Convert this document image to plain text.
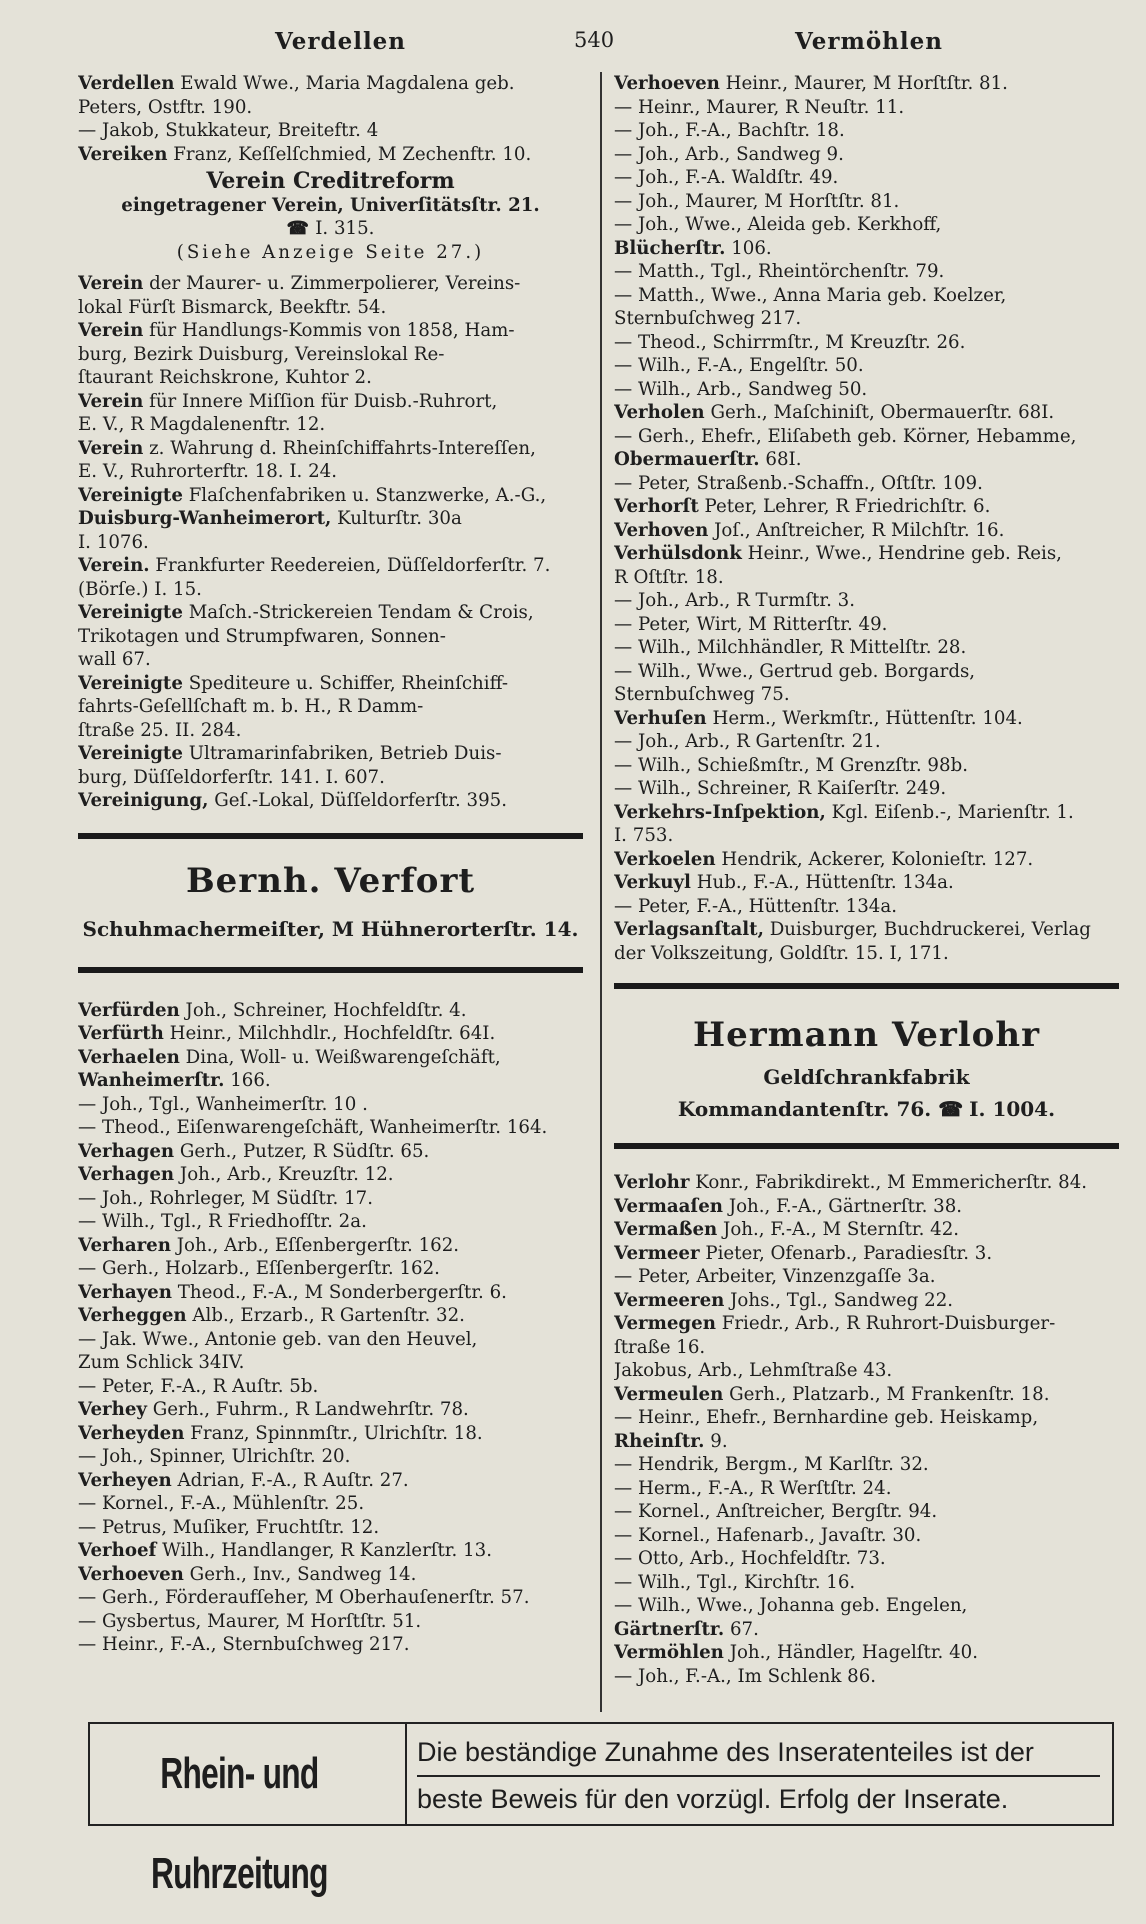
Verdellen	540	Vermöhlen
Verdellen Ewald Wwe., Maria Magdalena geb.
Peters, Ostftr. 190.
— Jakob, Stukkateur, Breiteftr. 4
Vereiken Franz, Keſſelſchmied, M Zechenftr. 10.
Verein Creditreform
eingetragener Verein, Univerſitätsſtr. 21.
☎ I. 315.
(Siehe Anzeige Seite 27.)
Verein der Maurer- u. Zimmerpolierer, Vereins-
lokal Fürſt Bismarck, Beekftr. 54.
Verein für Handlungs-Kommis von 1858, Ham-
burg, Bezirk Duisburg, Vereinslokal Re-
ſtaurant Reichskrone, Kuhtor 2.
Verein für Innere Miſſion für Duisb.-Ruhrort,
E. V., R Magdalenenftr. 12.
Verein z. Wahrung d. Rheinſchiffahrts-Intereſſen,
E. V., Ruhrorterftr. 18. I. 24.
Vereinigte Flaſchenfabriken u. Stanzwerke, A.-G.,
Duisburg-Wanheimerort, Kulturſtr. 30a
I. 1076.
Verein. Frankfurter Reedereien, Düſſeldorferſtr. 7.
(Börſe.) I. 15.
Vereinigte Maſch.-Strickereien Tendam & Crois,
Trikotagen und Strumpfwaren, Sonnen-
wall 67.
Vereinigte Spediteure u. Schiffer, Rheinſchiff-
fahrts-Geſellſchaft m. b. H., R Damm-
ſtraße 25. II. 284.
Vereinigte Ultramarinfabriken, Betrieb Duis-
burg, Düſſeldorferſtr. 141. I. 607.
Vereinigung, Geſ.-Lokal, Düſſeldorferſtr. 395.
Bernh. Verfort
Schuhmachermeiſter, M Hühnerorterſtr. 14.
Verfürden Joh., Schreiner, Hochfeldſtr. 4.
Verfürth Heinr., Milchhdlr., Hochfeldſtr. 64I.
Verhaelen Dina, Woll- u. Weißwarengeſchäft,
Wanheimerſtr. 166.
— Joh., Tgl., Wanheimerſtr. 10 .
— Theod., Eiſenwarengeſchäft, Wanheimerſtr. 164.
Verhagen Gerh., Putzer, R Südſtr. 65.
Verhagen Joh., Arb., Kreuzſtr. 12.
— Joh., Rohrleger, M Südſtr. 17.
— Wilh., Tgl., R Friedhofſtr. 2a.
Verharen Joh., Arb., Eſſenbergerſtr. 162.
— Gerh., Holzarb., Eſſenbergerſtr. 162.
Verhayen Theod., F.-A., M Sonderbergerſtr. 6.
Verheggen Alb., Erzarb., R Gartenſtr. 32.
— Jak. Wwe., Antonie geb. van den Heuvel,
Zum Schlick 34IV.
— Peter, F.-A., R Auſtr. 5b.
Verhey Gerh., Fuhrm., R Landwehrſtr. 78.
Verheyden Franz, Spinnmſtr., Ulrichſtr. 18.
— Joh., Spinner, Ulrichſtr. 20.
Verheyen Adrian, F.-A., R Auſtr. 27.
— Kornel., F.-A., Mühlenſtr. 25.
— Petrus, Muſiker, Fruchtſtr. 12.
Verhoef Wilh., Handlanger, R Kanzlerſtr. 13.
Verhoeven Gerh., Inv., Sandweg 14.
— Gerh., Förderaufſeher, M Oberhauſenerſtr. 57.
— Gysbertus, Maurer, M Horſtſtr. 51.
— Heinr., F.-A., Sternbuſchweg 217.
Verhoeven Heinr., Maurer, M Horſtſtr. 81.
— Heinr., Maurer, R Neuſtr. 11.
— Joh., F.-A., Bachſtr. 18.
— Joh., Arb., Sandweg 9.
— Joh., F.-A. Waldſtr. 49.
— Joh., Maurer, M Horſtſtr. 81.
— Joh., Wwe., Aleida geb. Kerkhoff,
Blücherſtr. 106.
— Matth., Tgl., Rheintörchenſtr. 79.
— Matth., Wwe., Anna Maria geb. Koelzer,
Sternbuſchweg 217.
— Theod., Schirrmſtr., M Kreuzſtr. 26.
— Wilh., F.-A., Engelſtr. 50.
— Wilh., Arb., Sandweg 50.
Verholen Gerh., Maſchiniſt, Obermauerſtr. 68I.
— Gerh., Ehefr., Eliſabeth geb. Körner, Hebamme,
Obermauerſtr. 68I.
— Peter, Straßenb.-Schaffn., Oſtſtr. 109.
Verhorſt Peter, Lehrer, R Friedrichſtr. 6.
Verhoven Joſ., Anſtreicher, R Milchſtr. 16.
Verhülsdonk Heinr., Wwe., Hendrine geb. Reis,
R Oſtſtr. 18.
— Joh., Arb., R Turmſtr. 3.
— Peter, Wirt, M Ritterſtr. 49.
— Wilh., Milchhändler, R Mittelſtr. 28.
— Wilh., Wwe., Gertrud geb. Borgards,
Sternbuſchweg 75.
Verhuſen Herm., Werkmſtr., Hüttenſtr. 104.
— Joh., Arb., R Gartenſtr. 21.
— Wilh., Schießmſtr., M Grenzſtr. 98b.
— Wilh., Schreiner, R Kaiſerſtr. 249.
Verkehrs-Inſpektion, Kgl. Eiſenb.-, Marienſtr. 1.
I. 753.
Verkoelen Hendrik, Ackerer, Kolonieſtr. 127.
Verkuyl Hub., F.-A., Hüttenſtr. 134a.
— Peter, F.-A., Hüttenſtr. 134a.
Verlagsanſtalt, Duisburger, Buchdruckerei, Verlag
der Volkszeitung, Goldſtr. 15. I, 171.
Hermann Verlohr
Geldſchrankfabrik
Kommandantenſtr. 76. ☎ I. 1004.
Verlohr Konr., Fabrikdirekt., M Emmericherſtr. 84.
Vermaaſen Joh., F.-A., Gärtnerſtr. 38.
Vermaßen Joh., F.-A., M Sternſtr. 42.
Vermeer Pieter, Ofenarb., Paradiesſtr. 3.
— Peter, Arbeiter, Vinzenzgaſſe 3a.
Vermeeren Johs., Tgl., Sandweg 22.
Vermegen Friedr., Arb., R Ruhrort-Duisburger-
ſtraße 16.
Jakobus, Arb., Lehmſtraße 43.
Vermeulen Gerh., Platzarb., M Frankenſtr. 18.
— Heinr., Ehefr., Bernhardine geb. Heiskamp,
Rheinſtr. 9.
— Hendrik, Bergm., M Karlſtr. 32.
— Herm., F.-A., R Werſtſtr. 24.
— Kornel., Anſtreicher, Bergſtr. 94.
— Kornel., Hafenarb., Javaſtr. 30.
— Otto, Arb., Hochfeldſtr. 73.
— Wilh., Tgl., Kirchſtr. 16.
— Wilh., Wwe., Johanna geb. Engelen,
Gärtnerſtr. 67.
Vermöhlen Joh., Händler, Hagelſtr. 40.
— Joh., F.-A., Im Schlenk 86.
Rhein- und Ruhrzeitung
Die beständige Zunahme des Inseratenteiles ist der
beste Beweis für den vorzügl. Erfolg der Inserate.
